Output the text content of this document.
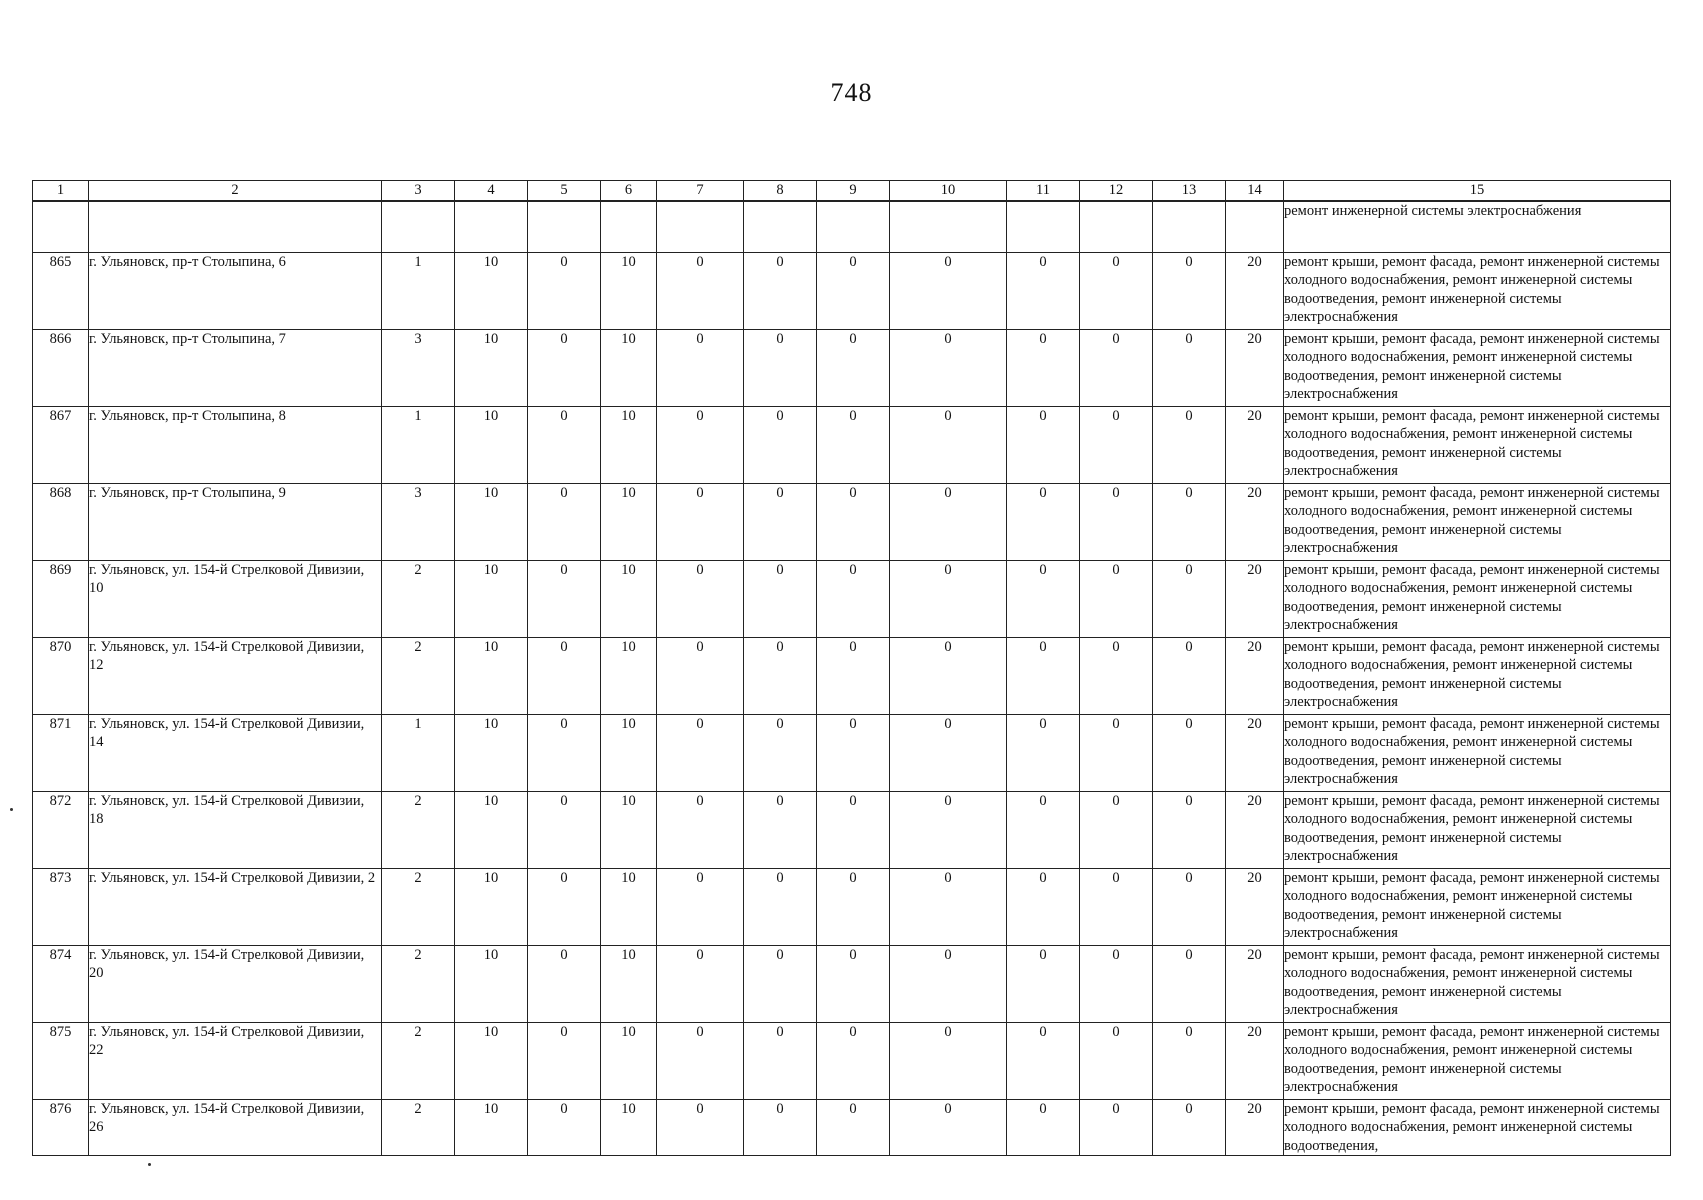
748
1	2	3	4	5	6	7	8	9	10	11	12	13	14	15
														ремонт инженерной системы электроснабжения
865	г. Ульяновск, пр-т Столыпина, 6	1	10	0	10	0	0	0	0	0	0	0	20	ремонт крыши, ремонт фасада, ремонт инженерной системы холодного водоснабжения, ремонт инженерной системы водоотведения, ремонт инженерной системы электроснабжения
866	г. Ульяновск, пр-т Столыпина, 7	3	10	0	10	0	0	0	0	0	0	0	20	ремонт крыши, ремонт фасада, ремонт инженерной системы холодного водоснабжения, ремонт инженерной системы водоотведения, ремонт инженерной системы электроснабжения
867	г. Ульяновск, пр-т Столыпина, 8	1	10	0	10	0	0	0	0	0	0	0	20	ремонт крыши, ремонт фасада, ремонт инженерной системы холодного водоснабжения, ремонт инженерной системы водоотведения, ремонт инженерной системы электроснабжения
868	г. Ульяновск, пр-т Столыпина, 9	3	10	0	10	0	0	0	0	0	0	0	20	ремонт крыши, ремонт фасада, ремонт инженерной системы холодного водоснабжения, ремонт инженерной системы водоотведения, ремонт инженерной системы электроснабжения
869	г. Ульяновск, ул. 154-й Стрелковой Дивизии, 10	2	10	0	10	0	0	0	0	0	0	0	20	ремонт крыши, ремонт фасада, ремонт инженерной системы холодного водоснабжения, ремонт инженерной системы водоотведения, ремонт инженерной системы электроснабжения
870	г. Ульяновск, ул. 154-й Стрелковой Дивизии, 12	2	10	0	10	0	0	0	0	0	0	0	20	ремонт крыши, ремонт фасада, ремонт инженерной системы холодного водоснабжения, ремонт инженерной системы водоотведения, ремонт инженерной системы электроснабжения
871	г. Ульяновск, ул. 154-й Стрелковой Дивизии, 14	1	10	0	10	0	0	0	0	0	0	0	20	ремонт крыши, ремонт фасада, ремонт инженерной системы холодного водоснабжения, ремонт инженерной системы водоотведения, ремонт инженерной системы электроснабжения
872	г. Ульяновск, ул. 154-й Стрелковой Дивизии, 18	2	10	0	10	0	0	0	0	0	0	0	20	ремонт крыши, ремонт фасада, ремонт инженерной системы холодного водоснабжения, ремонт инженерной системы водоотведения, ремонт инженерной системы электроснабжения
873	г. Ульяновск, ул. 154-й Стрелковой Дивизии, 2	2	10	0	10	0	0	0	0	0	0	0	20	ремонт крыши, ремонт фасада, ремонт инженерной системы холодного водоснабжения, ремонт инженерной системы водоотведения, ремонт инженерной системы электроснабжения
874	г. Ульяновск, ул. 154-й Стрелковой Дивизии, 20	2	10	0	10	0	0	0	0	0	0	0	20	ремонт крыши, ремонт фасада, ремонт инженерной системы холодного водоснабжения, ремонт инженерной системы водоотведения, ремонт инженерной системы электроснабжения
875	г. Ульяновск, ул. 154-й Стрелковой Дивизии, 22	2	10	0	10	0	0	0	0	0	0	0	20	ремонт крыши, ремонт фасада, ремонт инженерной системы холодного водоснабжения, ремонт инженерной системы водоотведения, ремонт инженерной системы электроснабжения
876	г. Ульяновск, ул. 154-й Стрелковой Дивизии, 26	2	10	0	10	0	0	0	0	0	0	0	20	ремонт крыши, ремонт фасада, ремонт инженерной системы холодного водоснабжения, ремонт инженерной системы водоотведения,
